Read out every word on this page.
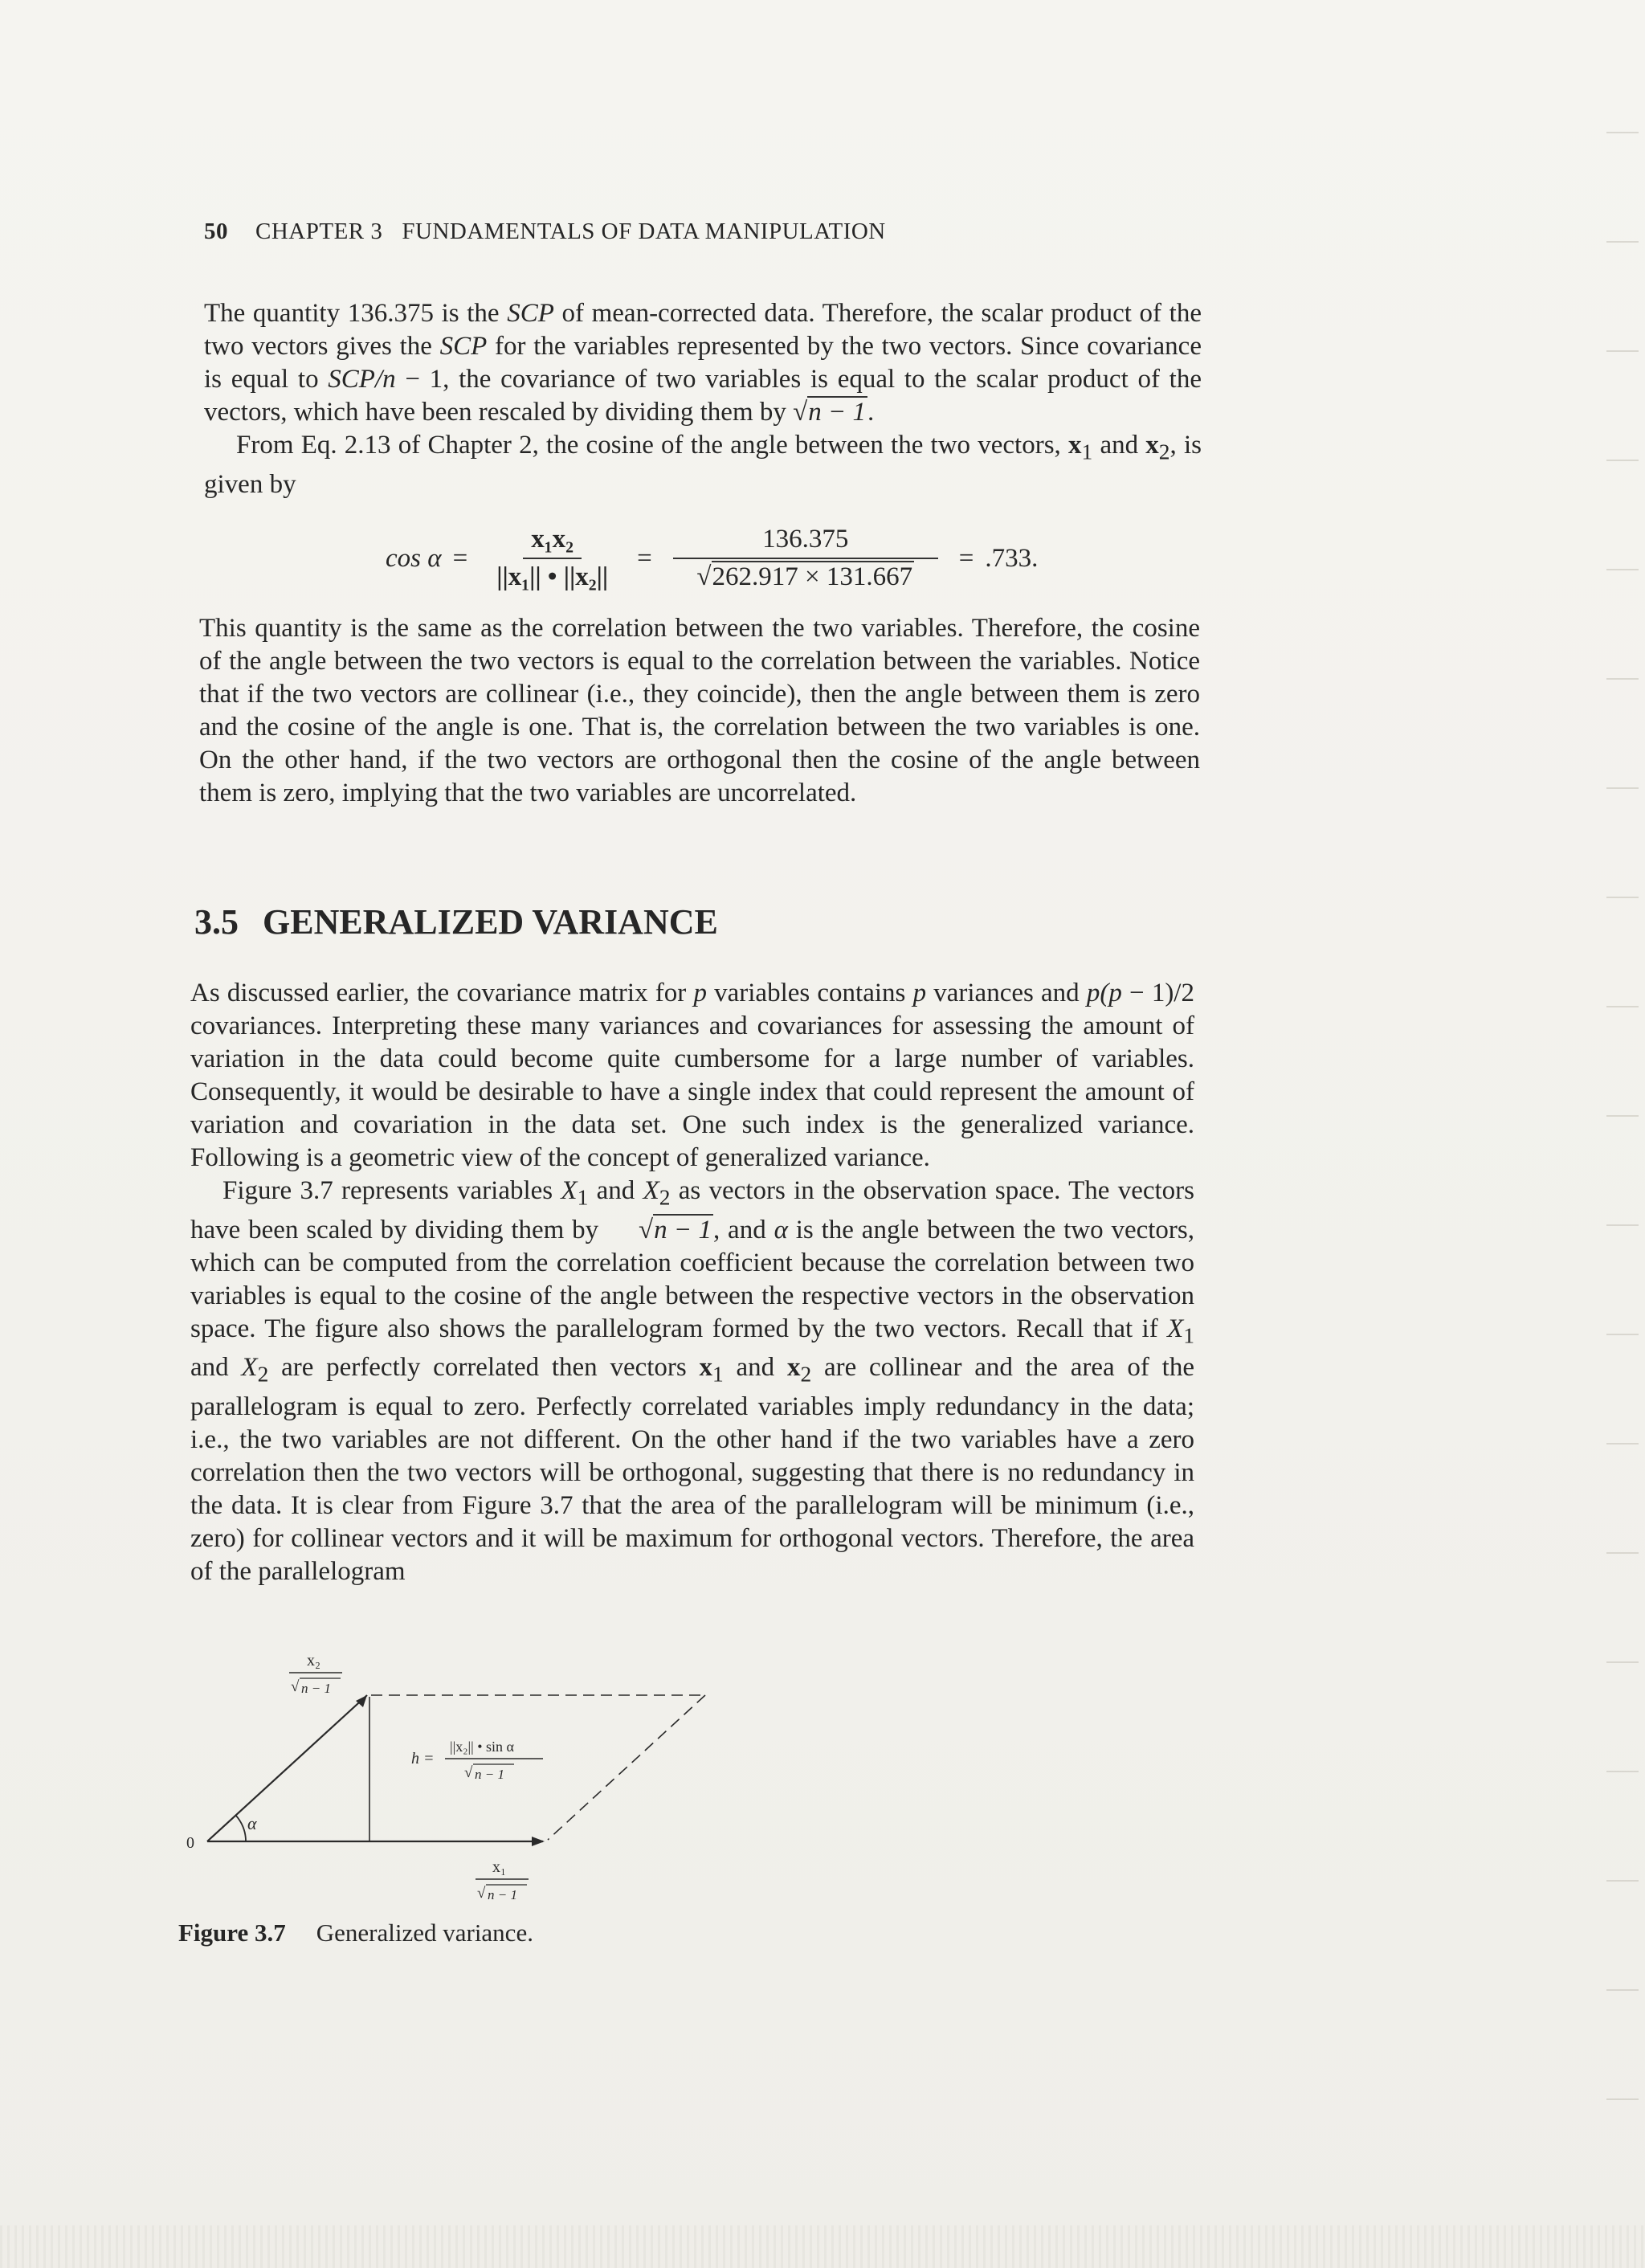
50 CHAPTER 3 FUNDAMENTALS OF DATA MANIPULATION

The quantity 136.375 is the SCP of mean-corrected data. Therefore, the scalar product of the two vectors gives the SCP for the variables represented by the two vectors. Since covariance is equal to SCP/n − 1, the covariance of two variables is equal to the scalar product of the vectors, which have been rescaled by dividing them by √n − 1.

From Eq. 2.13 of Chapter 2, the cosine of the angle between the two vectors, $x_1$ and $x_2$, is given by

$\cos \alpha = \frac{\text{x₁x₂}}{\text{||x₁|| • ||x₂||}} = \frac{136.375}{√262.917 \times 131.667} = .733$.

This quantity is the same as the correlation between the two variables. Therefore, the cosine of the angle between the two vectors is equal to the correlation between the variables. Notice that if the two vectors are collinear (i.e., they coincide), then the angle between them is zero and the cosine of the angle is one. That is, the correlation between the two variables is one. On the other hand, if the two vectors are orthogonal then the cosine of the angle between them is zero, implying that the two variables are uncorrelated.

3.5 GENERALIZED VARIANCE

As discussed earlier, the covariance matrix for p variables contains p variances and p(p − 1)/2 covariances. Interpreting these many variances and covariances for assessing the amount of variation in the data could become quite cumbersome for a large number of variables. Consequently, it would be desirable to have a single index that could represent the amount of variation and covariation in the data set. One such index is the generalized variance. Following is a geometric view of the concept of generalized variance.

Figure 3.7 represents variables $X_1$ and $X_2$ as vectors in the observation space. The vectors have been scaled by dividing them by √n − 1, and α is the angle between the two vectors, which can be computed from the correlation coefficient because the correlation between two variables is equal to the cosine of the angle between the respective vectors in the observation space. The figure also shows the parallelogram formed by the two vectors. Recall that if $X_1$ and $X_2$ are perfectly correlated then vectors $x_1$ and $x_2$ are collinear and the area of the parallelogram is equal to zero. Perfectly correlated variables imply redundancy in the data; i.e., the two variables are not different. On the other hand if the two variables have a zero correlation then the two vectors will be orthogonal, suggesting that there is no redundancy in the data. It is clear from Figure 3.7 that the area of the parallelogram will be minimum (i.e., zero) for collinear vectors and it will be maximum for orthogonal vectors. Therefore, the area of the parallelogram

0
α
x₂
√ n − 1
h =
||x₂|| • sin α
√ n − 1
x₁
√ n − 1
Figure 3.7 Generalized variance.
